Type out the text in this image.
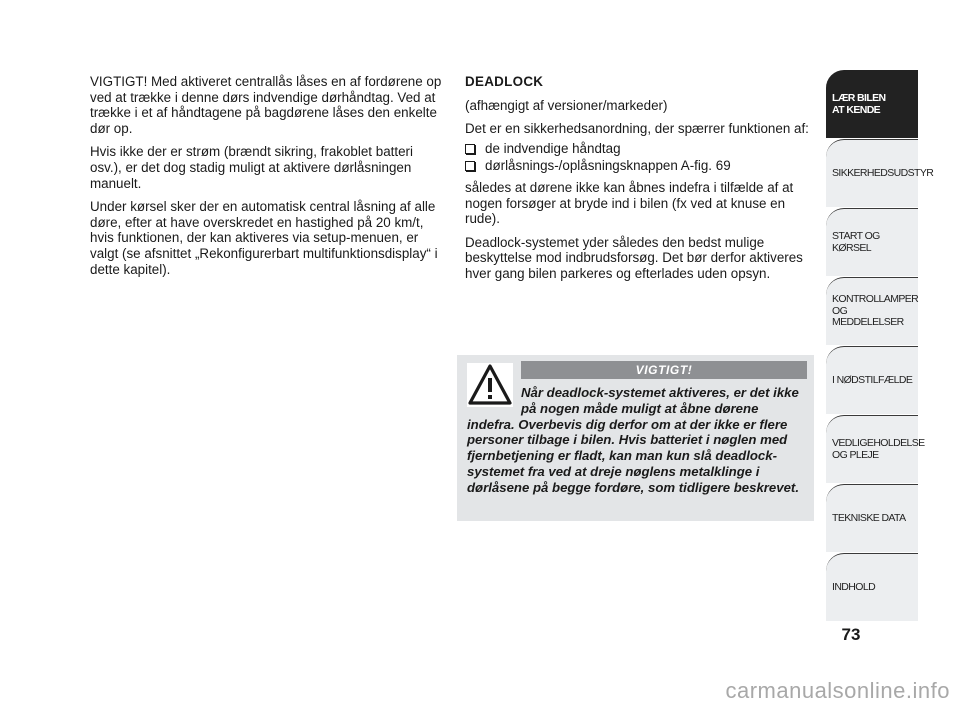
VIGTIGT! Med aktiveret centrallås låses en af fordørene op ved at trække i denne dørs indvendige dørhåndtag. Ved at trække i et af håndtagene på bagdørene låses den enkelte dør op.

Hvis ikke der er strøm (brændt sikring, frakoblet batteri osv.), er det dog stadig muligt at aktivere dørlåsningen manuelt.

Under kørsel sker der en automatisk central låsning af alle døre, efter at have overskredet en hastighed på 20 km/t, hvis funktionen, der kan aktiveres via setup-menuen, er valgt (se afsnittet „Rekonfigurerbart multifunktionsdisplay“ i dette kapitel).

DEADLOCK

(afhængigt af versioner/markeder)

Det er en sikkerhedsanordning, der spærrer funktionen af:

de indvendige håndtag
dørlåsnings-/oplåsningsknappen A-fig. 69

således at dørene ikke kan åbnes indefra i tilfælde af at nogen forsøger at bryde ind i bilen (fx ved at knuse en rude).

Deadlock-systemet yder således den bedst mulige beskyttelse mod indbrudsforsøg. Det bør derfor aktiveres hver gang bilen parkeres og efterlades uden opsyn.

VIGTIGT!
Når deadlock-systemet aktiveres, er det ikke på nogen måde muligt at åbne dørene indefra. Overbevis dig derfor om at der ikke er flere personer tilbage i bilen. Hvis batteriet i nøglen med fjernbetjening er fladt, kan man kun slå deadlock-systemet fra ved at dreje nøglens metalklinge i dørlåsene på begge fordøre, som tidligere beskrevet.
LÆR BILEN
AT KENDE
SIKKERHEDSUDSTYR
START OG KØRSEL
KONTROLLAMPER
OG MEDDELELSER
I NØDSTILFÆLDE
VEDLIGEHOLDELSE
OG PLEJE
TEKNISKE DATA
INDHOLD
73
carmanualsonline.info
